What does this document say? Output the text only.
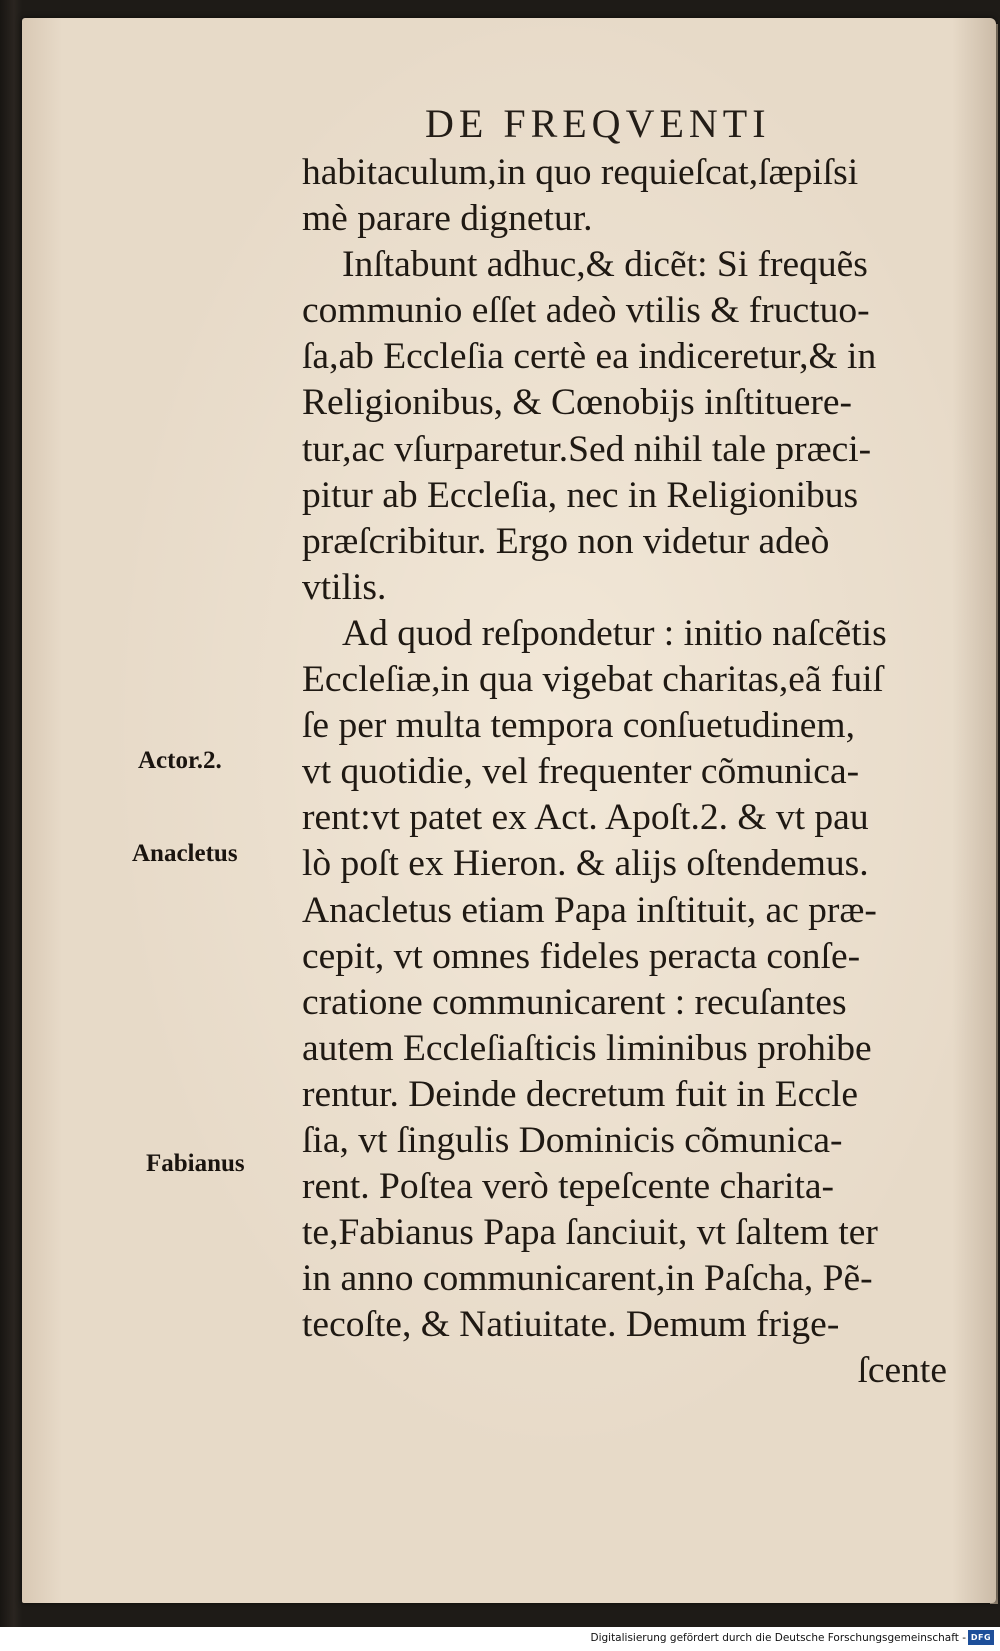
DE FREQVENTI
habitaculum,in quo requieſcat,ſæpiſsi
mè parare dignetur.
Inſtabunt adhuc,& dicẽt: Si frequẽs
communio eſſet adeò vtilis & fructuo-
ſa,ab Eccleſia certè ea indiceretur,& in
Religionibus, & Cœnobijs inſtituere-
tur,ac vſurparetur.Sed nihil tale præci-
pitur ab Eccleſia, nec in Religionibus
præſcribitur. Ergo non videtur adeò
vtilis.
Ad quod reſpondetur : initio naſcẽtis
Eccleſiæ,in qua vigebat charitas,eã fuiſ
ſe per multa tempora conſuetudinem,
vt quotidie, vel frequenter cõmunica-
rent:vt patet ex Act. Apoſt.2. & vt pau
lò poſt ex Hieron. & alijs oſtendemus.
Anacletus etiam Papa inſtituit, ac præ-
cepit, vt omnes fideles peracta conſe-
cratione communicarent : recuſantes
autem Eccleſiaſticis liminibus prohibe
rentur. Deinde decretum fuit in Eccle
ſia, vt ſingulis Dominicis cõmunica-
rent. Poſtea verò tepeſcente charita-
te,Fabianus Papa ſanciuit, vt ſaltem ter
in anno communicarent,in Paſcha, Pẽ-
tecoſte, & Natiuitate. Demum frige-
ſcente
Actor.2.
Anacletus
Fabianus
Digitalisierung gefördert durch die Deutsche Forschungsgemeinschaft - DFG
